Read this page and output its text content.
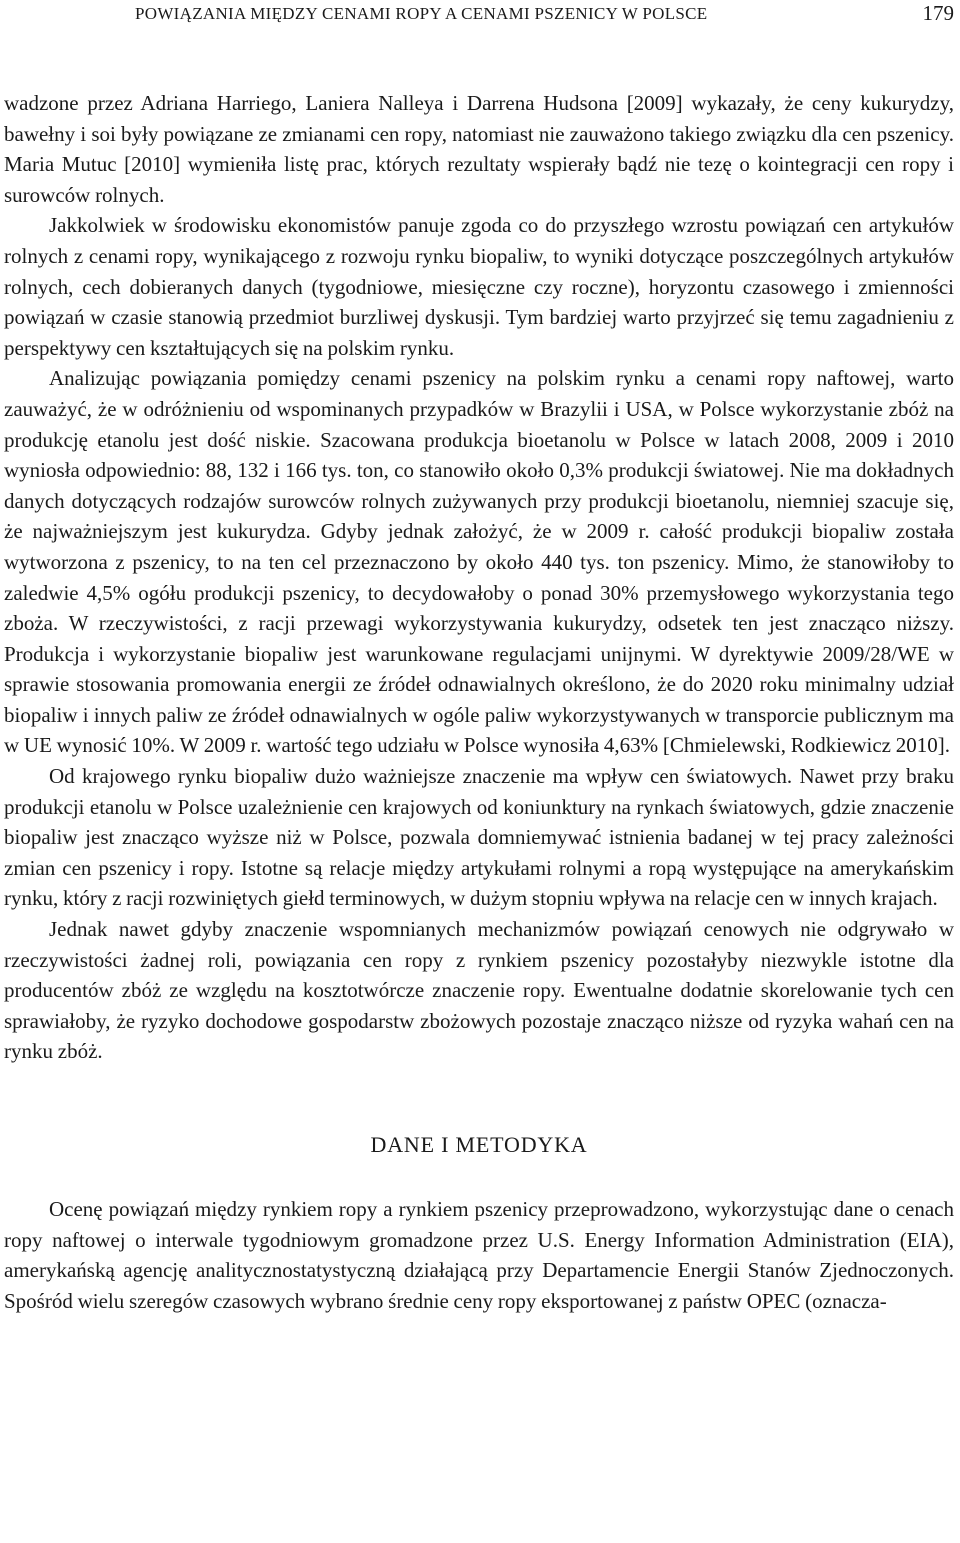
POWIĄZANIA MIĘDZY CENAMI ROPY A CENAMI PSZENICY W POLSCE	179

wadzone przez Adriana Harriego, Laniera Nalleya i Darrena Hudsona [2009] wykazały, że ceny kukurydzy, bawełny i soi były powiązane ze zmianami cen ropy, natomiast nie zauważono takiego związku dla cen pszenicy. Maria Mutuc [2010] wymieniła listę prac, których rezultaty wspierały bądź nie tezę o kointegracji cen ropy i surowców rolnych.

Jakkolwiek w środowisku ekonomistów panuje zgoda co do przyszłego wzrostu powiązań cen artykułów rolnych z cenami ropy, wynikającego z rozwoju rynku biopaliw, to wyniki dotyczące poszczególnych artykułów rolnych, cech dobieranych danych (tygodniowe, miesięczne czy roczne), horyzontu czasowego i zmienności powiązań w czasie stanowią przedmiot burzliwej dyskusji. Tym bardziej warto przyjrzeć się temu zagadnieniu z perspektywy cen kształtujących się na polskim rynku.

Analizując powiązania pomiędzy cenami pszenicy na polskim rynku a cenami ropy naftowej, warto zauważyć, że w odróżnieniu od wspominanych przypadków w Brazylii i USA, w Polsce wykorzystanie zbóż na produkcję etanolu jest dość niskie. Szacowana produkcja bioetanolu w Polsce w latach 2008, 2009 i 2010 wyniosła odpowiednio: 88, 132 i 166 tys. ton, co stanowiło około 0,3% produkcji światowej. Nie ma dokładnych danych dotyczących rodzajów surowców rolnych zużywanych przy produkcji bioetanolu, niemniej szacuje się, że najważniejszym jest kukurydza. Gdyby jednak założyć, że w 2009 r. całość produkcji biopaliw została wytworzona z pszenicy, to na ten cel przeznaczono by około 440 tys. ton pszenicy. Mimo, że stanowiłoby to zaledwie 4,5% ogółu produkcji pszenicy, to decydowałoby o ponad 30% przemysłowego wykorzystania tego zboża. W rzeczywistości, z racji przewagi wykorzystywania kukurydzy, odsetek ten jest znacząco niższy. Produkcja i wykorzystanie biopaliw jest warunkowane regulacjami unijnymi. W dyrektywie 2009/28/WE w sprawie stosowania promowania energii ze źródeł odnawialnych określono, że do 2020 roku minimalny udział biopaliw i innych paliw ze źródeł odnawialnych w ogóle paliw wykorzystywanych w transporcie publicznym ma w UE wynosić 10%. W 2009 r. wartość tego udziału w Polsce wynosiła 4,63% [Chmielewski, Rodkiewicz 2010].

Od krajowego rynku biopaliw dużo ważniejsze znaczenie ma wpływ cen światowych. Nawet przy braku produkcji etanolu w Polsce uzależnienie cen krajowych od koniunktury na rynkach światowych, gdzie znaczenie biopaliw jest znacząco wyższe niż w Polsce, pozwala domniemywać istnienia badanej w tej pracy zależności zmian cen pszenicy i ropy. Istotne są relacje między artykułami rolnymi a ropą występujące na amerykańskim rynku, który z racji rozwiniętych giełd terminowych, w dużym stopniu wpływa na relacje cen w innych krajach.

Jednak nawet gdyby znaczenie wspomnianych mechanizmów powiązań cenowych nie odgrywało w rzeczywistości żadnej roli, powiązania cen ropy z rynkiem pszenicy pozostałyby niezwykle istotne dla producentów zbóż ze względu na kosztotwórcze znaczenie ropy. Ewentualne dodatnie skorelowanie tych cen sprawiałoby, że ryzyko dochodowe gospodarstw zbożowych pozostaje znacząco niższe od ryzyka wahań cen na rynku zbóż.

DANE I METODYKA

Ocenę powiązań między rynkiem ropy a rynkiem pszenicy przeprowadzono, wykorzystując dane o cenach ropy naftowej o interwale tygodniowym gromadzone przez U.S. Energy Information Administration (EIA), amerykańską agencję analitycznostatystyczną działającą przy Departamencie Energii Stanów Zjednoczonych. Spośród wielu szeregów czasowych wybrano średnie ceny ropy eksportowanej z państw OPEC (oznacza-
